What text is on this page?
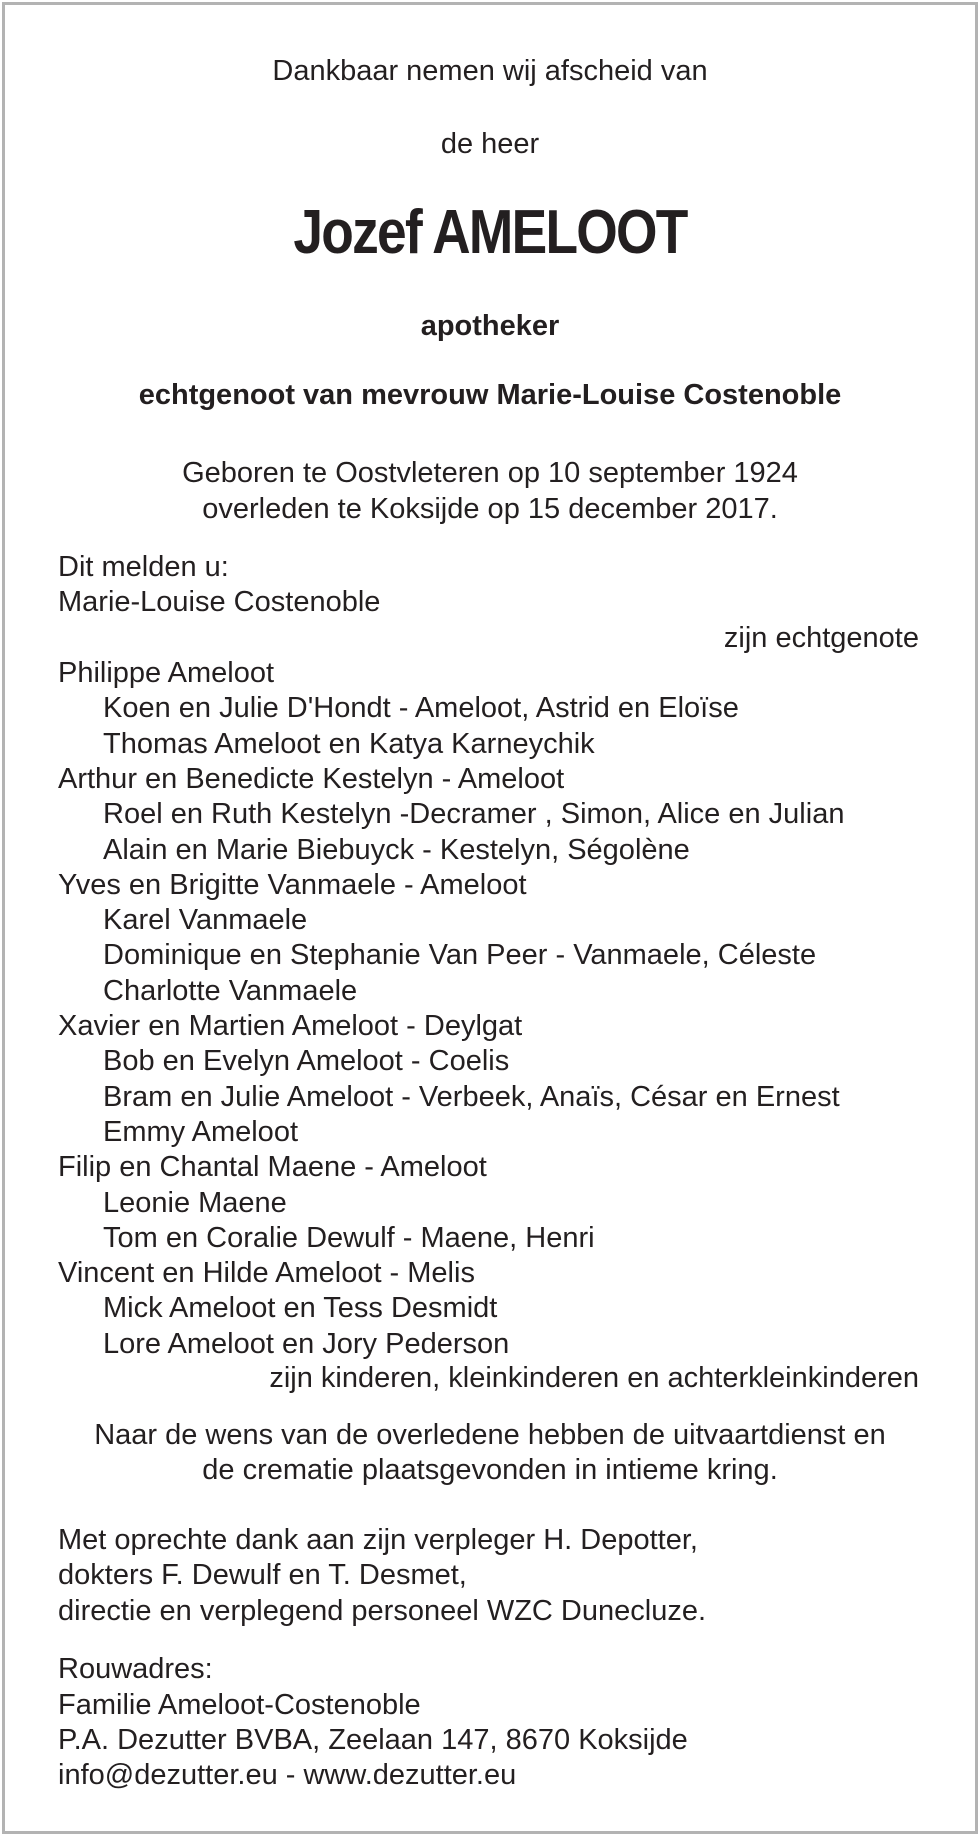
Dankbaar nemen wij afscheid van
de heer
Jozef AMELOOT
apotheker
echtgenoot van mevrouw Marie-Louise Costenoble
Geboren te Oostvleteren op 10 september 1924
overleden te Koksijde op 15 december 2017.
Dit melden u:
Marie-Louise Costenoble
zijn echtgenote
Philippe Ameloot
Koen en Julie D'Hondt - Ameloot, Astrid en Eloïse
Thomas Ameloot en Katya Karneychik
Arthur en Benedicte Kestelyn - Ameloot
Roel en Ruth Kestelyn -Decramer , Simon, Alice en Julian
Alain en Marie Biebuyck - Kestelyn, Ségolène
Yves en Brigitte Vanmaele - Ameloot
Karel Vanmaele
Dominique en Stephanie Van Peer - Vanmaele, Céleste
Charlotte Vanmaele
Xavier en Martien Ameloot - Deylgat
Bob en Evelyn Ameloot - Coelis
Bram en Julie Ameloot - Verbeek, Anaïs, César en Ernest
Emmy Ameloot
Filip en Chantal Maene - Ameloot
Leonie Maene
Tom en Coralie Dewulf - Maene, Henri
Vincent en Hilde Ameloot - Melis
Mick Ameloot en Tess Desmidt
Lore Ameloot en Jory Pederson
zijn kinderen, kleinkinderen en achterkleinkinderen
Naar de wens van de overledene hebben de uitvaartdienst en
de crematie plaatsgevonden in intieme kring.
Met oprechte dank aan zijn verpleger H. Depotter,
dokters F. Dewulf en T. Desmet,
directie en verplegend personeel WZC Dunecluze.
Rouwadres:
Familie Ameloot-Costenoble
P.A. Dezutter BVBA, Zeelaan 147, 8670 Koksijde
info@dezutter.eu - www.dezutter.eu
